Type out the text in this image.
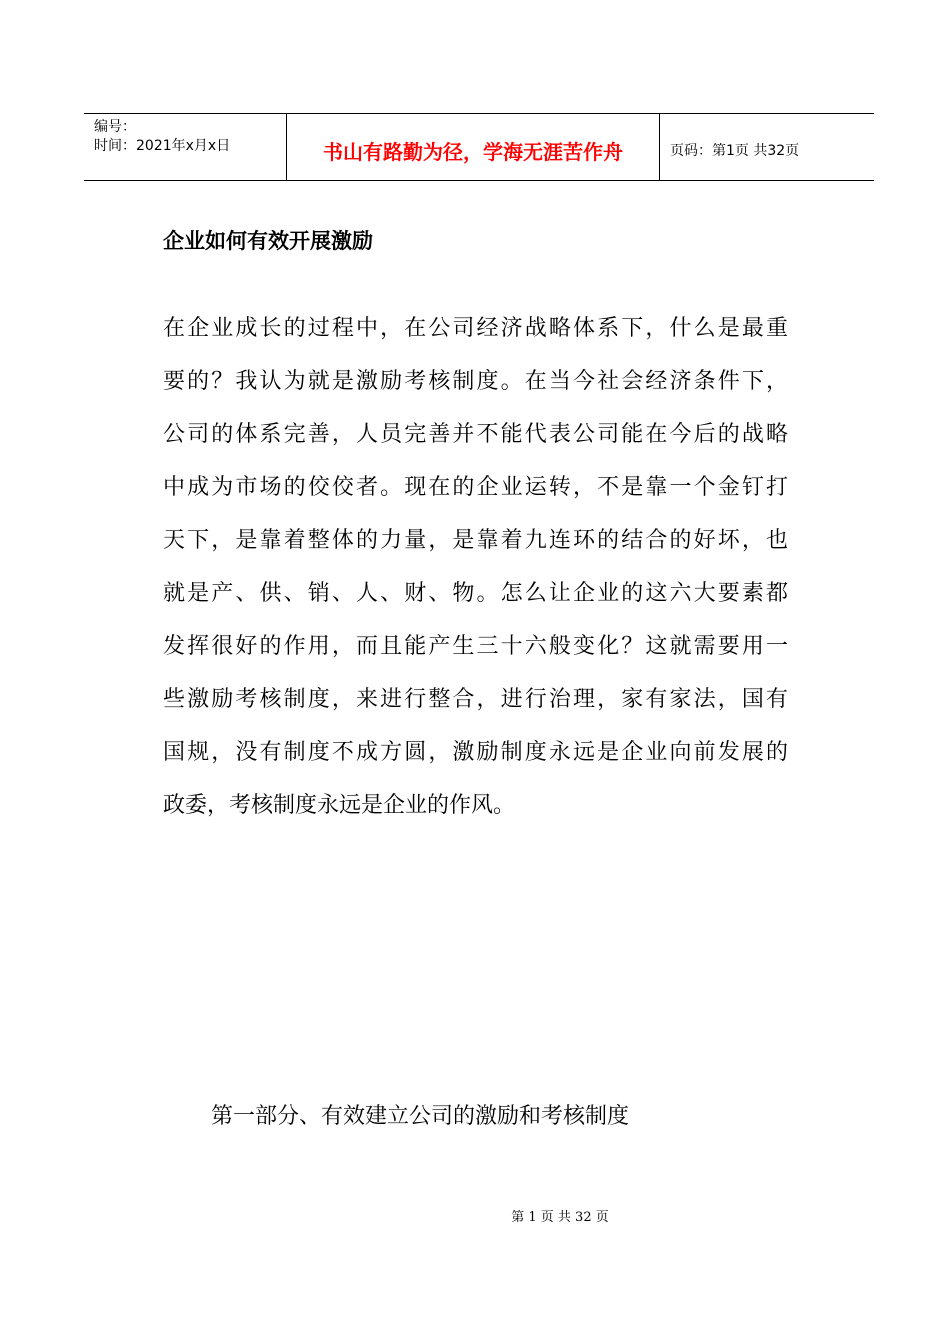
编号：
时间：2021年x月x日	书山有路勤为径，学海无涯苦作舟	页码：第1页 共32页
企业如何有效开展激励
在企业成长的过程中，在公司经济战略体系下，什么是最重
要的？我认为就是激励考核制度。在当今社会经济条件下，
公司的体系完善，人员完善并不能代表公司能在今后的战略
中成为市场的佼佼者。现在的企业运转，不是靠一个金钉打
天下，是靠着整体的力量，是靠着九连环的结合的好坏，也
就是产、供、销、人、财、物。怎么让企业的这六大要素都
发挥很好的作用，而且能产生三十六般变化？这就需要用一
些激励考核制度，来进行整合，进行治理，家有家法，国有
国规，没有制度不成方圆，激励制度永远是企业向前发展的
政委，考核制度永远是企业的作风。
第一部分、有效建立公司的激励和考核制度
第 1 页 共 32 页
